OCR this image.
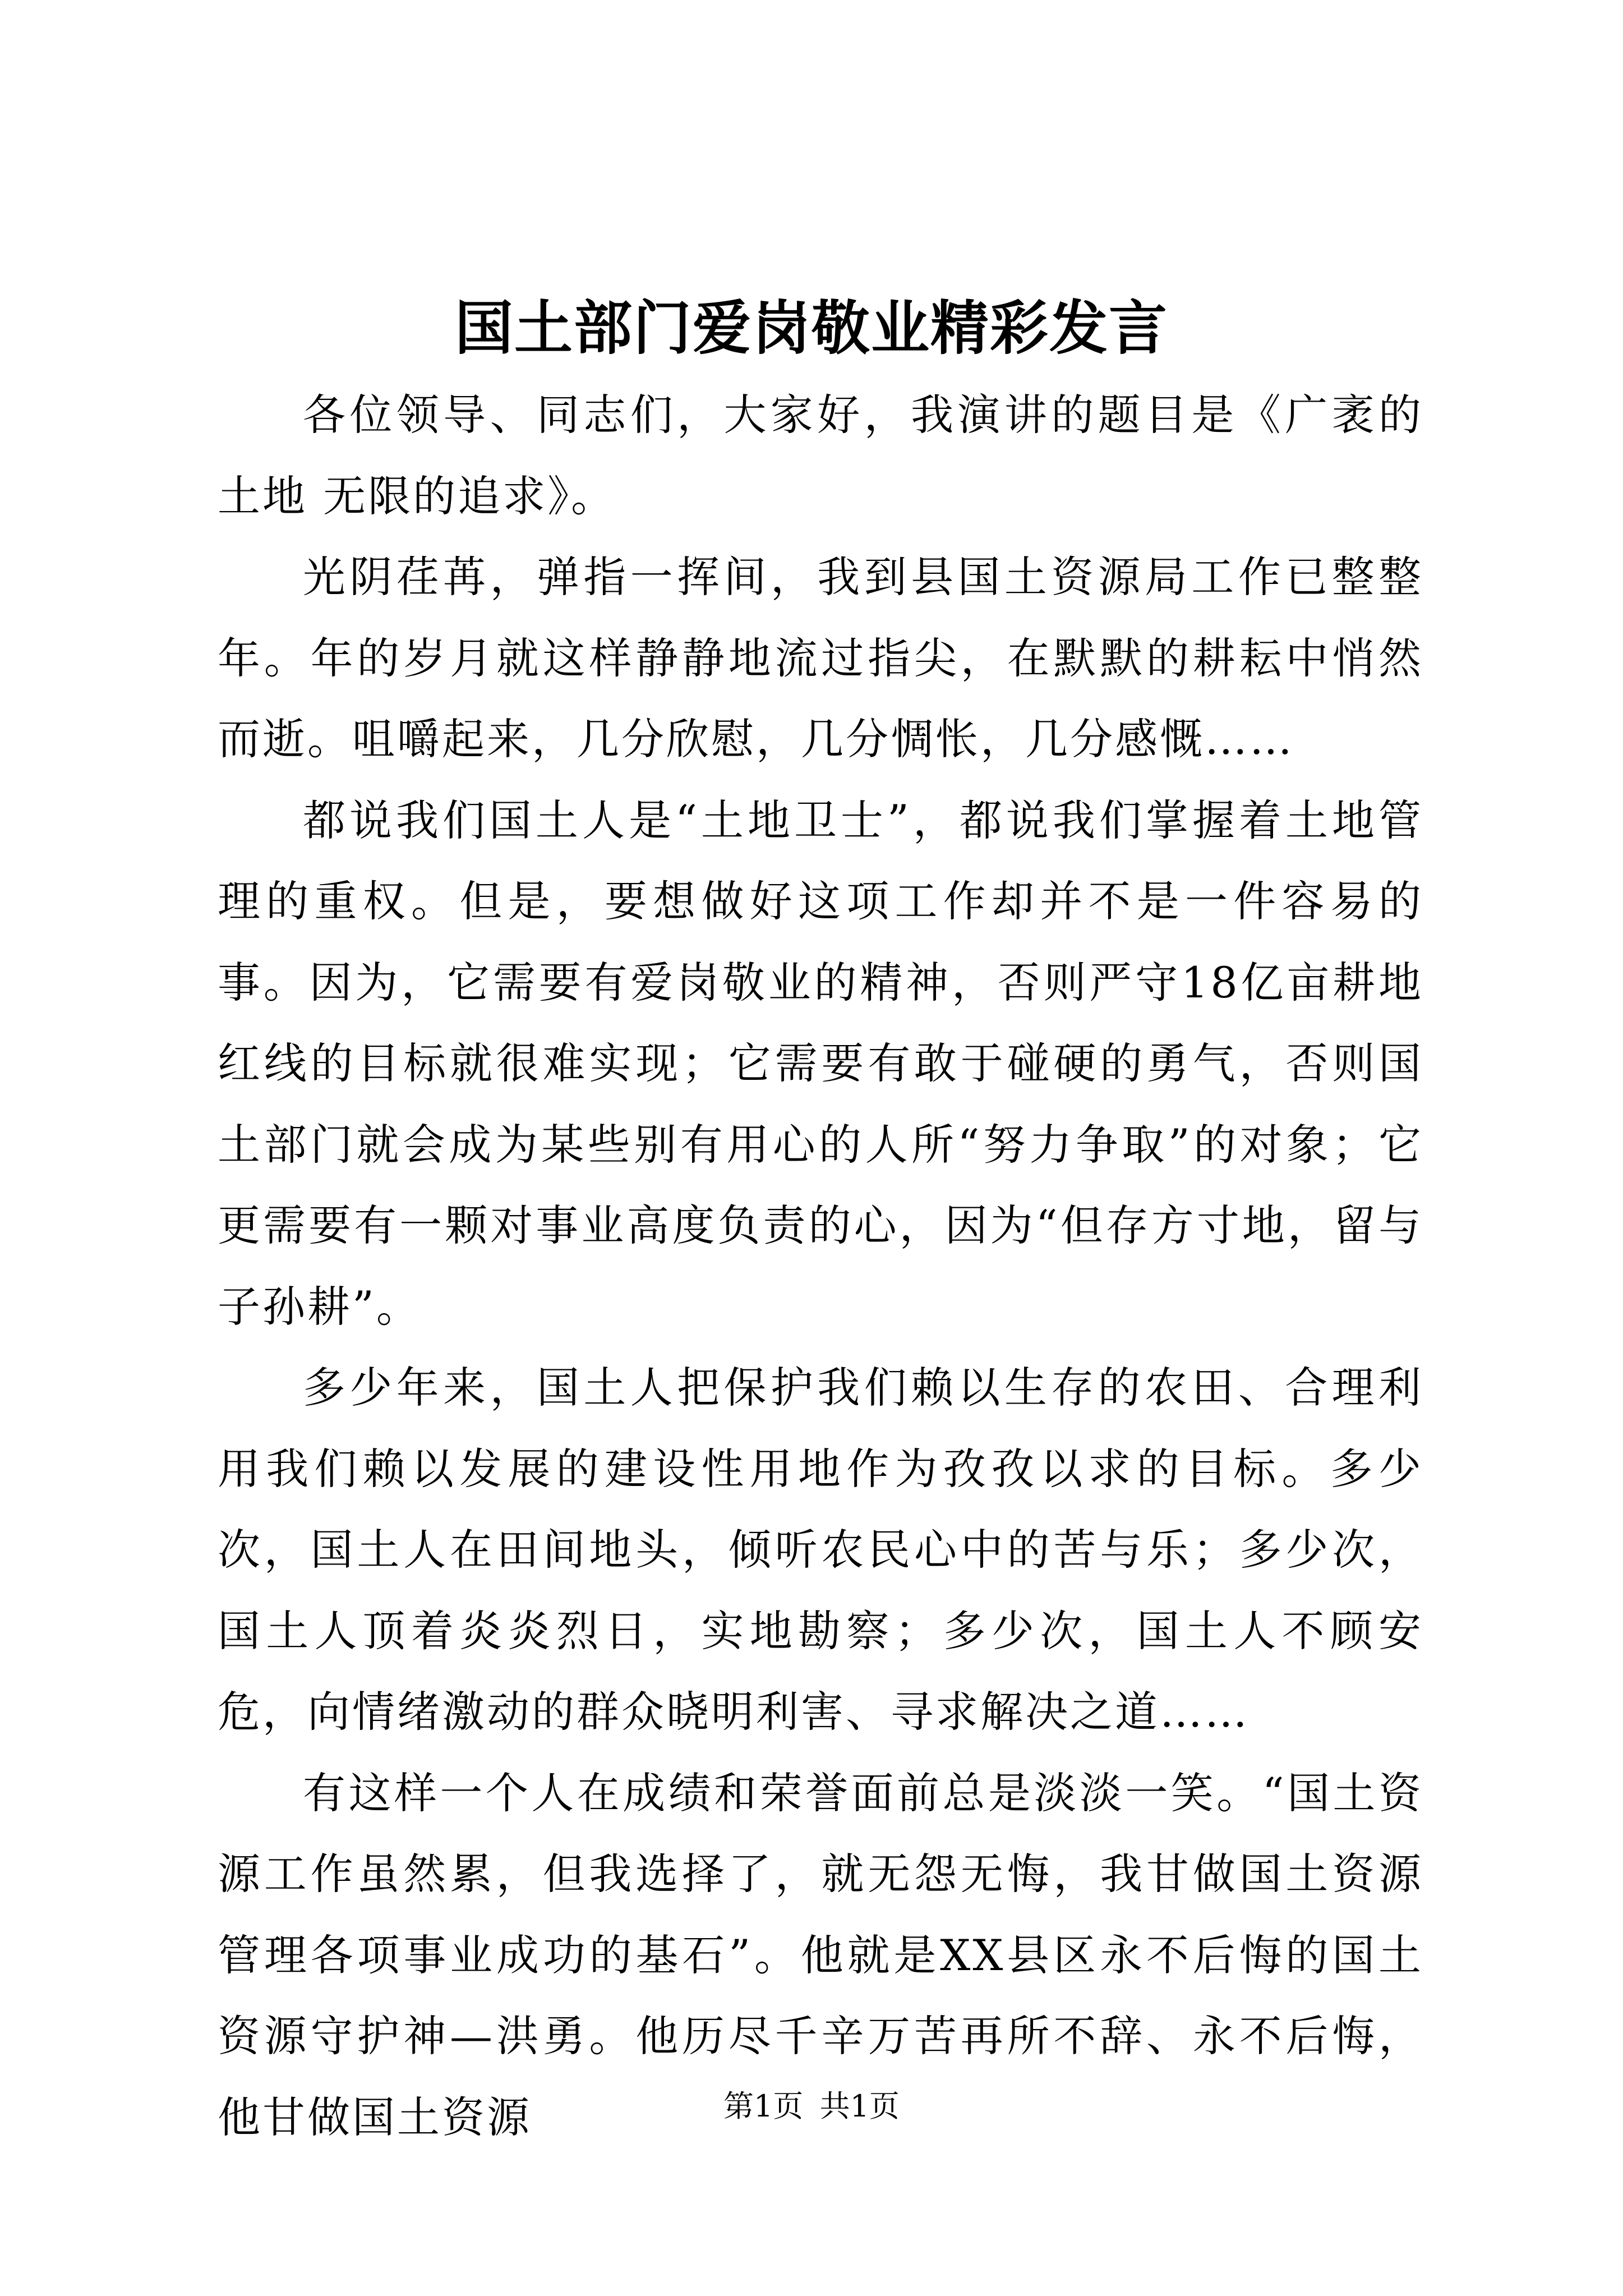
国土部门爱岗敬业精彩发言

各位领导、同志们，大家好，我演讲的题目是《广袤的土地 无限的追求》。

光阴荏苒，弹指一挥间，我到县国土资源局工作已整整年。年的岁月就这样静静地流过指尖，在默默的耕耘中悄然而逝。咀嚼起来，几分欣慰，几分惆怅，几分感慨……

都说我们国土人是“土地卫士”，都说我们掌握着土地管理的重权。但是，要想做好这项工作却并不是一件容易的事。因为，它需要有爱岗敬业的精神，否则严守18亿亩耕地红线的目标就很难实现；它需要有敢于碰硬的勇气，否则国土部门就会成为某些别有用心的人所“努力争取”的对象；它更需要有一颗对事业高度负责的心，因为“但存方寸地，留与子孙耕”。

多少年来，国土人把保护我们赖以生存的农田、合理利用我们赖以发展的建设性用地作为孜孜以求的目标。多少次，国土人在田间地头，倾听农民心中的苦与乐；多少次，国土人顶着炎炎烈日，实地勘察；多少次，国土人不顾安危，向情绪激动的群众晓明利害、寻求解决之道……

有这样一个人在成绩和荣誉面前总是淡淡一笑。“国土资源工作虽然累，但我选择了，就无怨无悔，我甘做国土资源管理各项事业成功的基石”。他就是XX县区永不后悔的国土资源守护神—洪勇。他历尽千辛万苦再所不辞、永不后悔，他甘做国土资源	第1页 共1页
